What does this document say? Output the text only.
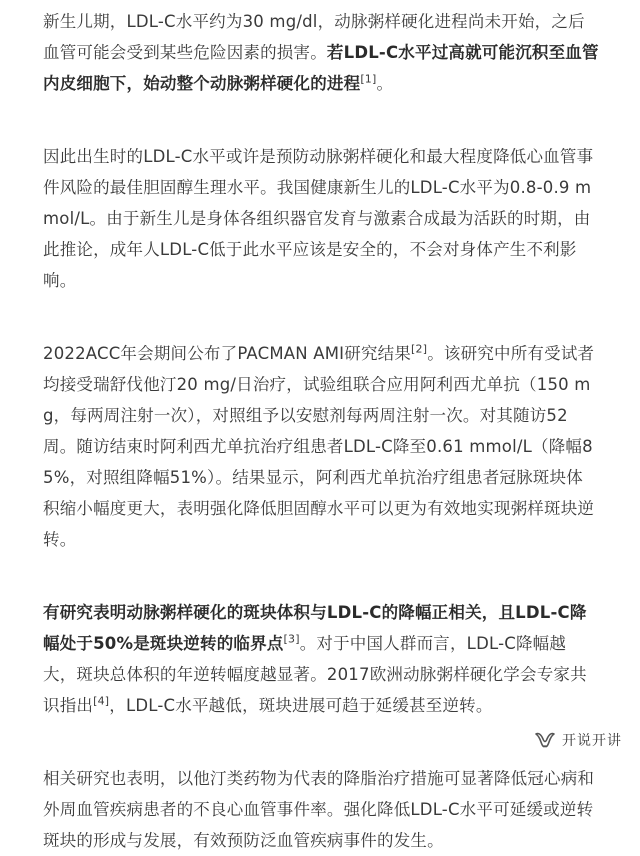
新生儿期，LDL-C水平约为30 mg/dl，动脉粥样硬化进程尚未开始，之后血管可能会受到某些危险因素的损害。若LDL-C水平过高就可能沉积至血管内皮细胞下，始动整个动脉粥样硬化的进程[1]。

因此出生时的LDL-C水平或许是预防动脉粥样硬化和最大程度降低心血管事件风险的最佳胆固醇生理水平。我国健康新生儿的LDL-C水平为0.8-0.9 mmol/L。由于新生儿是身体各组织器官发育与激素合成最为活跃的时期，由此推论，成年人LDL-C低于此水平应该是安全的，不会对身体产生不利影响。

2022ACC年会期间公布了PACMAN AMI研究结果[2]。该研究中所有受试者均接受瑞舒伐他汀20 mg/日治疗，试验组联合应用阿利西尤单抗（150 mg，每两周注射一次），对照组予以安慰剂每两周注射一次。对其随访52周。随访结束时阿利西尤单抗治疗组患者LDL-C降至0.61 mmol/L（降幅85%，对照组降幅51%）。结果显示，阿利西尤单抗治疗组患者冠脉斑块体积缩小幅度更大，表明强化降低胆固醇水平可以更为有效地实现粥样斑块逆转。

有研究表明动脉粥样硬化的斑块体积与LDL-C的降幅正相关，且LDL-C降幅处于50%是斑块逆转的临界点[3]。对于中国人群而言，LDL-C降幅越大，斑块总体积的年逆转幅度越显著。2017欧洲动脉粥样硬化学会专家共识指出[4]，LDL-C水平越低，斑块进展可趋于延缓甚至逆转。

相关研究也表明，以他汀类药物为代表的降脂治疗措施可显著降低冠心病和外周血管疾病患者的不良心血管事件率。强化降低LDL-C水平可延缓或逆转斑块的形成与发展，有效预防泛血管疾病事件的发生。

开说开讲
